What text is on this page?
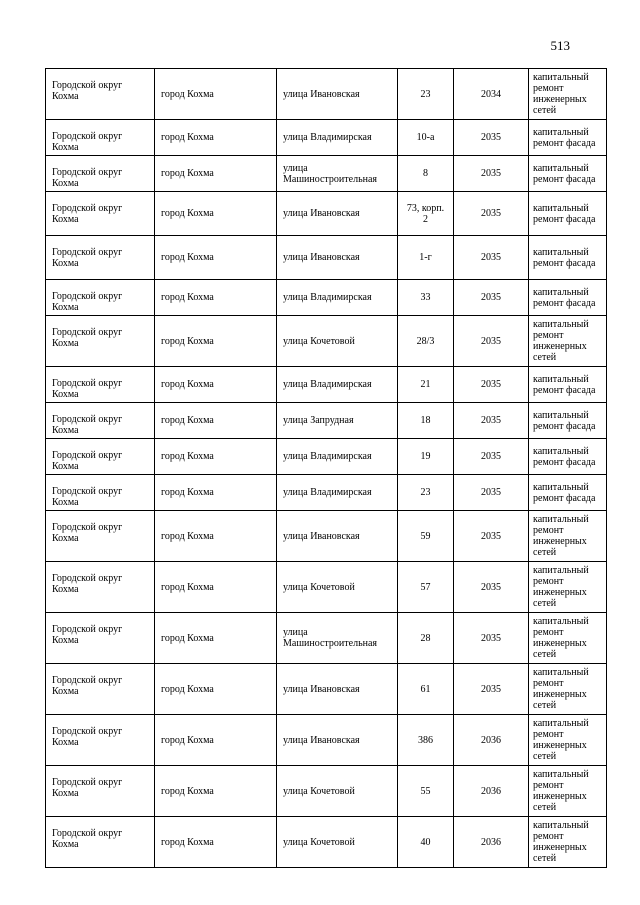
513
Городской округ Кохма	город Кохма	улица Ивановская	23	2034	капитальный ремонт инженерных сетей
Городской округ Кохма	город Кохма	улица Владимирская	10-а	2035	капитальный ремонт фасада
Городской округ Кохма	город Кохма	улица Машиностроительная	8	2035	капитальный ремонт фасада
Городской округ Кохма	город Кохма	улица Ивановская	73, корп. 2	2035	капитальный ремонт фасада
Городской округ Кохма	город Кохма	улица Ивановская	1-г	2035	капитальный ремонт фасада
Городской округ Кохма	город Кохма	улица Владимирская	33	2035	капитальный ремонт фасада
Городской округ Кохма	город Кохма	улица Кочетовой	28/3	2035	капитальный ремонт инженерных сетей
Городской округ Кохма	город Кохма	улица Владимирская	21	2035	капитальный ремонт фасада
Городской округ Кохма	город Кохма	улица Запрудная	18	2035	капитальный ремонт фасада
Городской округ Кохма	город Кохма	улица Владимирская	19	2035	капитальный ремонт фасада
Городской округ Кохма	город Кохма	улица Владимирская	23	2035	капитальный ремонт фасада
Городской округ Кохма	город Кохма	улица Ивановская	59	2035	капитальный ремонт инженерных сетей
Городской округ Кохма	город Кохма	улица Кочетовой	57	2035	капитальный ремонт инженерных сетей
Городской округ Кохма	город Кохма	улица Машиностроительная	28	2035	капитальный ремонт инженерных сетей
Городской округ Кохма	город Кохма	улица Ивановская	61	2035	капитальный ремонт инженерных сетей
Городской округ Кохма	город Кохма	улица Ивановская	386	2036	капитальный ремонт инженерных сетей
Городской округ Кохма	город Кохма	улица Кочетовой	55	2036	капитальный ремонт инженерных сетей
Городской округ Кохма	город Кохма	улица Кочетовой	40	2036	капитальный ремонт инженерных сетей
